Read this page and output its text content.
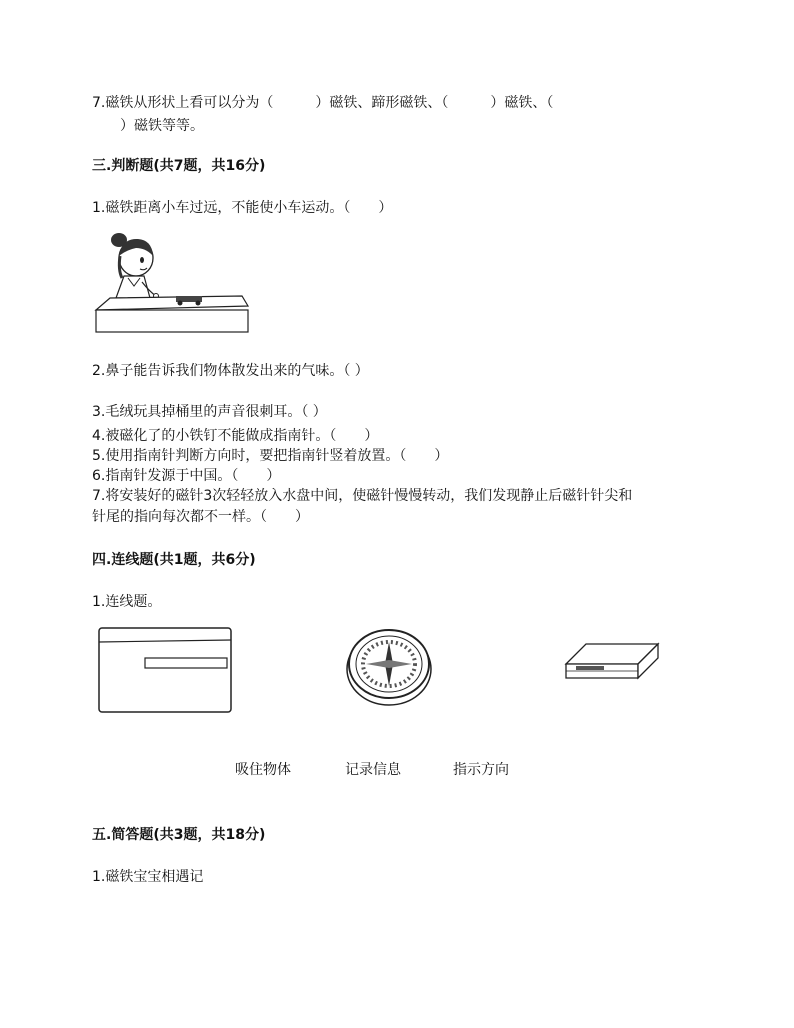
7.磁铁从形状上看可以分为（　　　）磁铁、蹄形磁铁、（　　　）磁铁、（
　　）磁铁等等。
三.判断题(共7题，共16分)
1.磁铁距离小车过远，不能使小车运动。（　　）
2.鼻子能告诉我们物体散发出来的气味。（ ）
3.毛绒玩具掉桶里的声音很刺耳。（ ）
4.被磁化了的小铁钉不能做成指南针。（　　）
5.使用指南针判断方向时，要把指南针竖着放置。（　　）
6.指南针发源于中国。（　　）
7.将安装好的磁针3次轻轻放入水盘中间，使磁针慢慢转动，我们发现静止后磁针针尖和
针尾的指向每次都不一样。（　　）
四.连线题(共1题，共6分)
1.连线题。
吸住物体	记录信息	指示方向
五.简答题(共3题，共18分)
1.磁铁宝宝相遇记
